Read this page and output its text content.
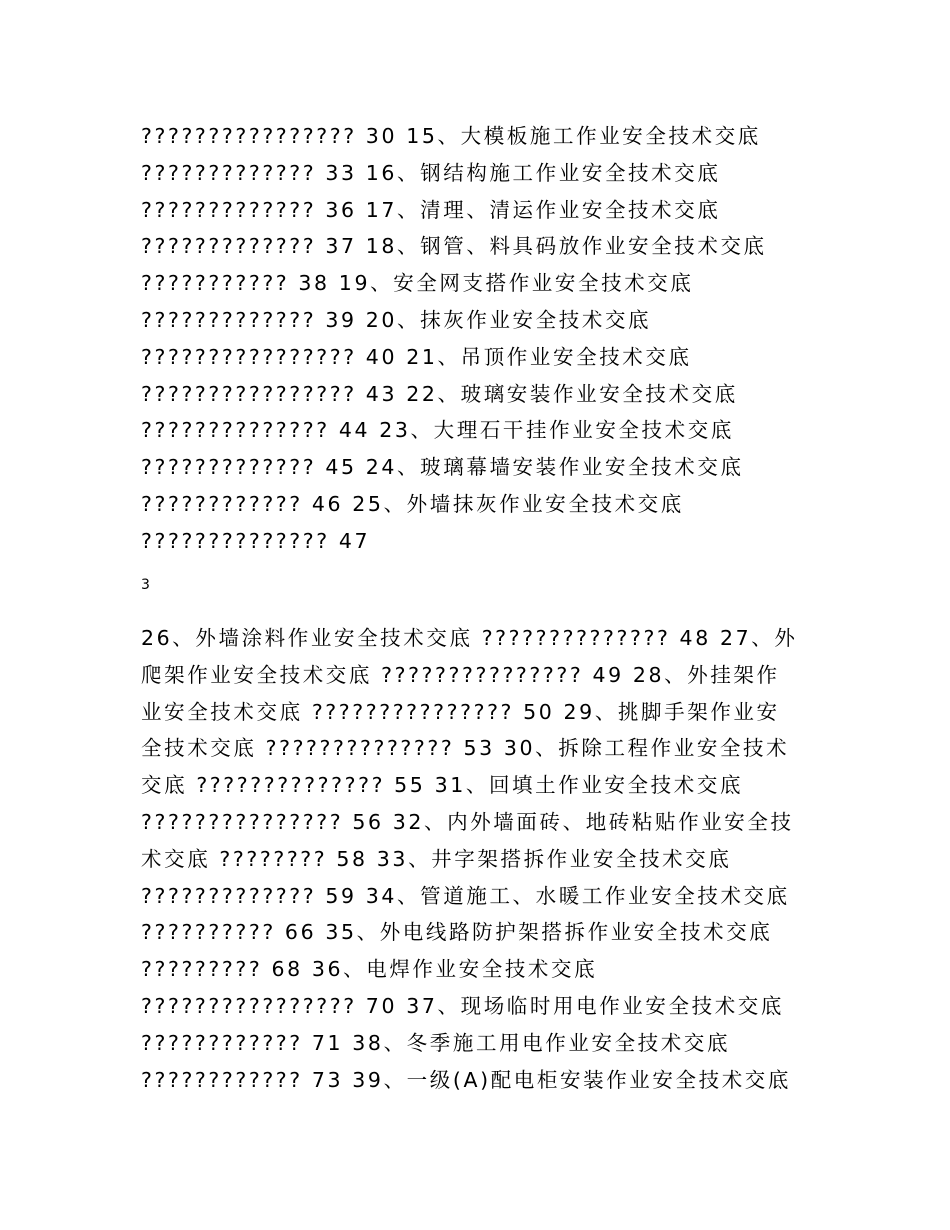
???????????????? 30 15、大模板施工作业安全技术交底
????????????? 33 16、钢结构施工作业安全技术交底
????????????? 36 17、清理、清运作业安全技术交底
????????????? 37 18、钢管、料具码放作业安全技术交底
??????????? 38 19、安全网支搭作业安全技术交底
????????????? 39 20、抹灰作业安全技术交底
???????????????? 40 21、吊顶作业安全技术交底
???????????????? 43 22、玻璃安装作业安全技术交底
?????????????? 44 23、大理石干挂作业安全技术交底
????????????? 45 24、玻璃幕墙安装作业安全技术交底
???????????? 46 25、外墙抹灰作业安全技术交底
?????????????? 47
3
26、外墙涂料作业安全技术交底 ?????????????? 48 27、外
爬架作业安全技术交底 ??????????????? 49 28、外挂架作
业安全技术交底 ??????????????? 50 29、挑脚手架作业安
全技术交底 ?????????????? 53 30、拆除工程作业安全技术
交底 ?????????????? 55 31、回填土作业安全技术交底
??????????????? 56 32、内外墙面砖、地砖粘贴作业安全技
术交底 ???????? 58 33、井字架搭拆作业安全技术交底
????????????? 59 34、管道施工、水暖工作业安全技术交底
?????????? 66 35、外电线路防护架搭拆作业安全技术交底
????????? 68 36、电焊作业安全技术交底
???????????????? 70 37、现场临时用电作业安全技术交底
???????????? 71 38、冬季施工用电作业安全技术交底
???????????? 73 39、一级(A)配电柜安装作业安全技术交底
